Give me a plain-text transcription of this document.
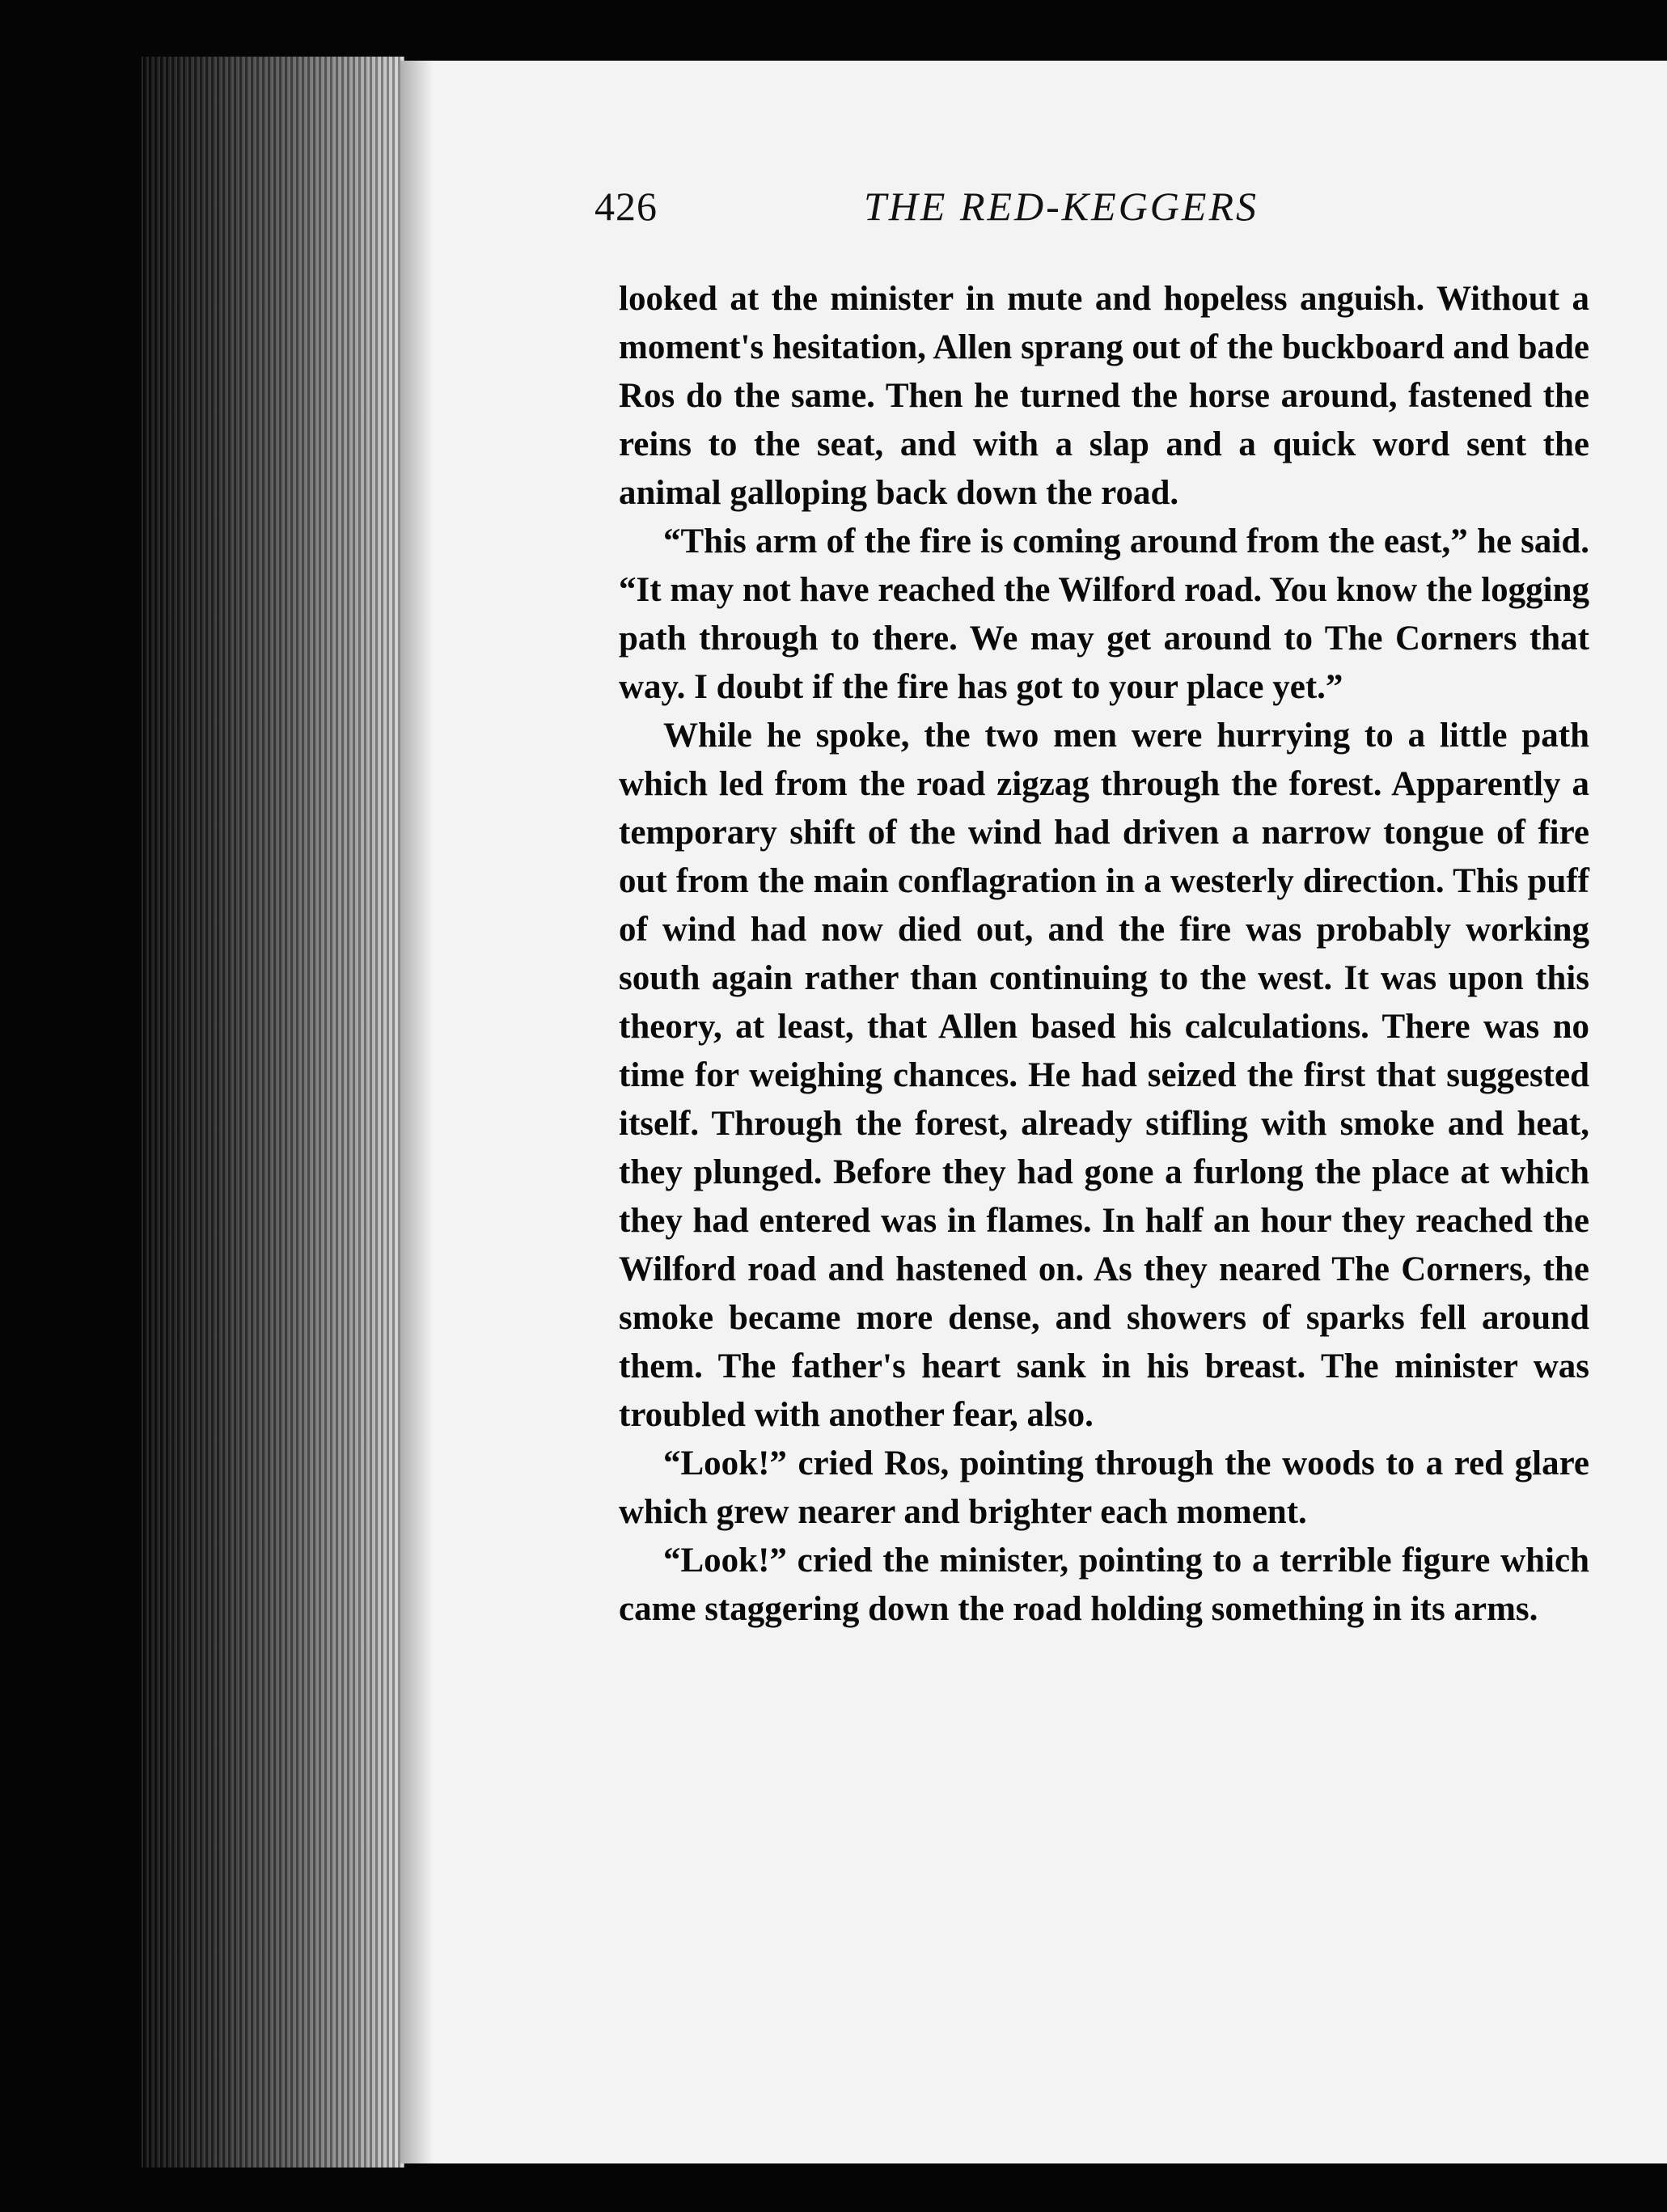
426	THE RED-KEGGERS

looked at the minister in mute and hopeless anguish. Without a moment's hesitation, Allen sprang out of the buckboard and bade Ros do the same. Then he turned the horse around, fastened the reins to the seat, and with a slap and a quick word sent the animal galloping back down the road.

“This arm of the fire is coming around from the east,” he said. “It may not have reached the Wilford road. You know the logging path through to there. We may get around to The Corners that way. I doubt if the fire has got to your place yet.”

While he spoke, the two men were hurrying to a little path which led from the road zigzag through the forest. Apparently a temporary shift of the wind had driven a narrow tongue of fire out from the main conflagration in a westerly direction. This puff of wind had now died out, and the fire was probably working south again rather than continuing to the west. It was upon this theory, at least, that Allen based his calculations. There was no time for weighing chances. He had seized the first that suggested itself. Through the forest, already stifling with smoke and heat, they plunged. Before they had gone a furlong the place at which they had entered was in flames. In half an hour they reached the Wilford road and hastened on. As they neared The Corners, the smoke became more dense, and showers of sparks fell around them. The father's heart sank in his breast. The minister was troubled with another fear, also.

“Look!” cried Ros, pointing through the woods to a red glare which grew nearer and brighter each moment.

“Look!” cried the minister, pointing to a terrible figure which came staggering down the road holding something in its arms.
